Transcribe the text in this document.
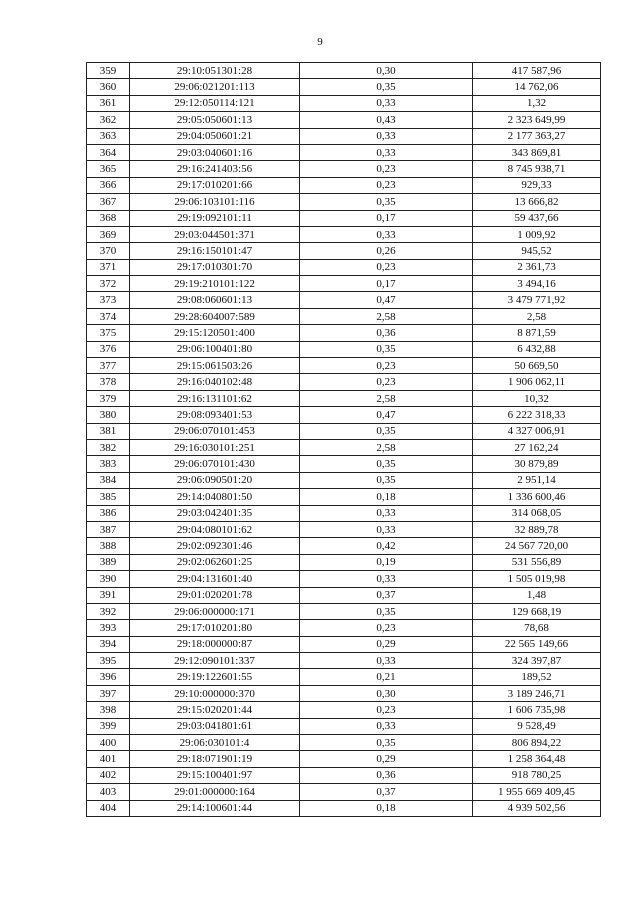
9
359	29:10:051301:28	0,30	417 587,96
360	29:06:021201:113	0,35	14 762,06
361	29:12:050114:121	0,33	1,32
362	29:05:050601:13	0,43	2 323 649,99
363	29:04:050601:21	0,33	2 177 363,27
364	29:03:040601:16	0,33	343 869,81
365	29:16:241403:56	0,23	8 745 938,71
366	29:17:010201:66	0,23	929,33
367	29:06:103101:116	0,35	13 666,82
368	29:19:092101:11	0,17	59 437,66
369	29:03:044501:371	0,33	1 009,92
370	29:16:150101:47	0,26	945,52
371	29:17:010301:70	0,23	2 361,73
372	29:19:210101:122	0,17	3 494,16
373	29:08:060601:13	0,47	3 479 771,92
374	29:28:604007:589	2,58	2,58
375	29:15:120501:400	0,36	8 871,59
376	29:06:100401:80	0,35	6 432,88
377	29:15:061503:26	0,23	50 669,50
378	29:16:040102:48	0,23	1 906 062,11
379	29:16:131101:62	2,58	10,32
380	29:08:093401:53	0,47	6 222 318,33
381	29:06:070101:453	0,35	4 327 006,91
382	29:16:030101:251	2,58	27 162,24
383	29:06:070101:430	0,35	30 879,89
384	29:06:090501:20	0,35	2 951,14
385	29:14:040801:50	0,18	1 336 600,46
386	29:03:042401:35	0,33	314 068,05
387	29:04:080101:62	0,33	32 889,78
388	29:02:092301:46	0,42	24 567 720,00
389	29:02:062601:25	0,19	531 556,89
390	29:04:131601:40	0,33	1 505 019,98
391	29:01:020201:78	0,37	1,48
392	29:06:000000:171	0,35	129 668,19
393	29:17:010201:80	0,23	78,68
394	29:18:000000:87	0,29	22 565 149,66
395	29:12:090101:337	0,33	324 397,87
396	29:19:122601:55	0,21	189,52
397	29:10:000000:370	0,30	3 189 246,71
398	29:15:020201:44	0,23	1 606 735,98
399	29:03:041801:61	0,33	9 528,49
400	29:06:030101:4	0,35	806 894,22
401	29:18:071901:19	0,29	1 258 364,48
402	29:15:100401:97	0,36	918 780,25
403	29:01:000000:164	0,37	1 955 669 409,45
404	29:14:100601:44	0,18	4 939 502,56
